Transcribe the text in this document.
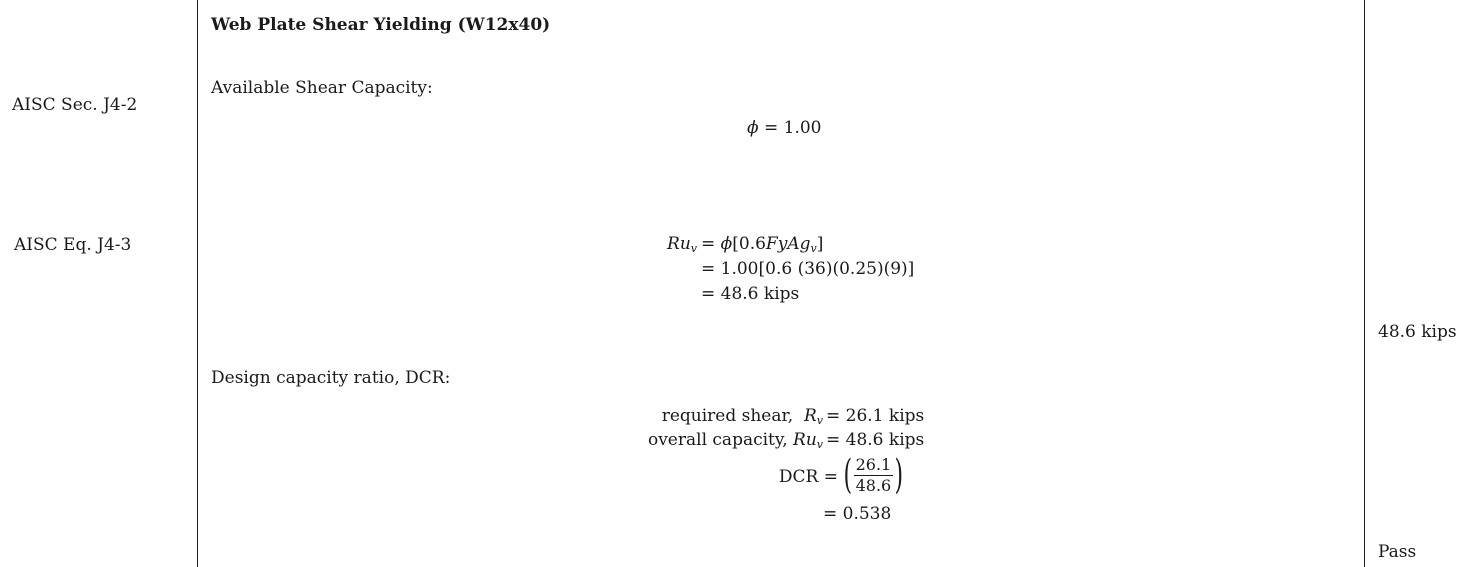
AISC Sec. J4-2
AISC Eq. J4-3
Web Plate Shear Yielding (W12x40)
Available Shear Capacity:
ϕ = 1.00
$Ru_v$ = ϕ[0.6FyAg$_v$]
= 1.00[0.6 (36)(0.25)(9)]
= 48.6 kips
Design capacity ratio, DCR:
required shear, $R_v = 26.1$ kips
overall capacity, $Ru_v = 48.6$ kips
DCR = ( $\frac{26.1}{48.6}$ )
= 0.538
48.6 kips
Pass
